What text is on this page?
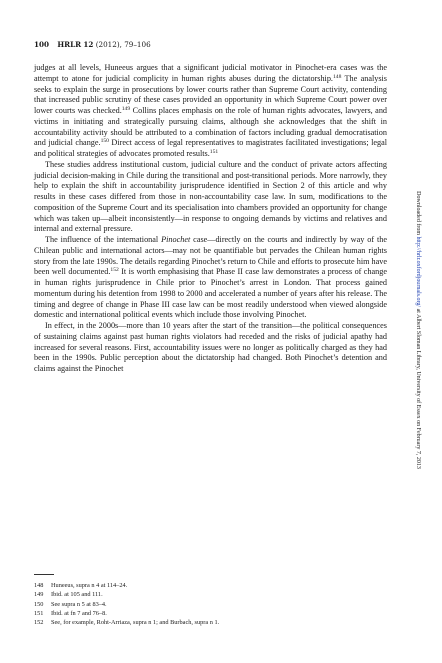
100 HRLR 12 (2012), 79–106

judges at all levels, Huneeus argues that a significant judicial motivator in Pinochet-era cases was the attempt to atone for judicial complicity in human rights abuses during the dictatorship.$^{148}$ The analysis seeks to explain the surge in prosecutions by lower courts rather than Supreme Court activity, contending that increased public scrutiny of these cases provided an opportunity in which Supreme Court power over lower courts was checked.$^{149}$ Collins places emphasis on the role of human rights advocates, lawyers, and victims in initiating and strategically pursuing claims, although she acknowledges that the shift in accountability activity should be attributed to a combination of factors including gradual democratisation and judicial change.$^{150}$ Direct access of legal representatives to magistrates facilitated investigations; legal and political strategies of advocates promoted results.$^{151}$

These studies address institutional custom, judicial culture and the conduct of private actors affecting judicial decision-making in Chile during the transitional and post-transitional periods. More narrowly, they help to explain the shift in accountability jurisprudence identified in Section 2 of this article and why results in these cases differed from those in non-accountability case law. In sum, modifications to the composition of the Supreme Court and its specialisation into chambers provided an opportunity for change which was taken up—albeit inconsistently—in response to ongoing demands by victims and relatives and internal and external pressure.

The influence of the international Pinochet case—directly on the courts and indirectly by way of the Chilean public and international actors—may not be quantifiable but pervades the Chilean human rights story from the late 1990s. The details regarding Pinochet’s return to Chile and efforts to prosecute him have been well documented.$^{152}$ It is worth emphasising that Phase II case law demonstrates a process of change in human rights jurisprudence in Chile prior to Pinochet’s arrest in London. That process gained momentum during his detention from 1998 to 2000 and accelerated a number of years after his release. The timing and degree of change in Phase III case law can be most readily understood when viewed alongside domestic and international political events which include those involving Pinochet.

In effect, in the 2000s—more than 10 years after the start of the transition—the political consequences of sustaining claims against past human rights violators had receded and the risks of judicial apathy had increased for several reasons. First, accountability issues were no longer as politically charged as they had been in the 1990s. Public perception about the dictatorship had changed. Both Pinochet’s detention and claims against the Pinochet

148 Huneeus, supra n 4 at 114–24.
149 Ibid. at 105 and 111.
150 See supra n 5 at 83–4.
151 Ibid. at fn 7 and 76–8.
152 See, for example, Roht-Arriaza, supra n 1; and Burbach, supra n 1.
Downloaded from http://hrlr.oxfordjournals.org/ at Albert Sloman Library, University of Essex on February 7, 2013
